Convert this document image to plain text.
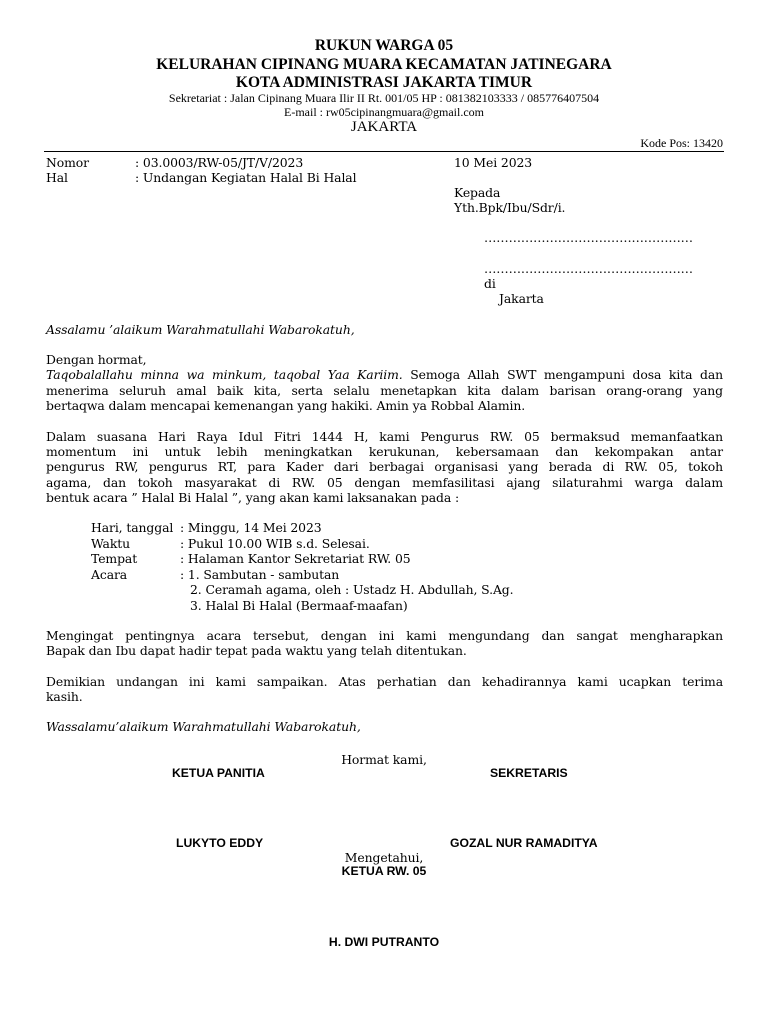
RUKUN WARGA 05
KELURAHAN CIPINANG MUARA KECAMATAN JATINEGARA
KOTA ADMINISTRASI JAKARTA TIMUR
Sekretariat : Jalan Cipinang Muara Ilir II Rt. 001/05 HP : 081382103333 / 085776407504
E-mail : rw05cipinangmuara@gmail.com
JAKARTA
Kode Pos: 13420
Nomor	: 03.0003/RW-05/JT/V/2023	10 Mei 2023
Hal	: Undangan Kegiatan Halal Bi Halal
Kepada
Yth.Bpk/Ibu/Sdr/i.
……………………………………………
……………………………………………
di
Jakarta
Assalamu ’alaikum Warahmatullahi Wabarokatuh,
Dengan hormat,
Taqobalallahu minna wa minkum, taqobal Yaa Kariim. Semoga Allah SWT mengampuni dosa kita dan
menerima seluruh amal baik kita, serta selalu menetapkan kita dalam barisan orang-orang yang
bertaqwa dalam mencapai kemenangan yang hakiki. Amin ya Robbal Alamin.
Dalam suasana Hari Raya Idul Fitri 1444 H, kami Pengurus RW. 05 bermaksud memanfaatkan
momentum ini untuk lebih meningkatkan kerukunan, kebersamaan dan kekompakan antar
pengurus RW, pengurus RT, para Kader dari berbagai organisasi yang berada di RW. 05, tokoh
agama, dan tokoh masyarakat di RW. 05 dengan memfasilitasi ajang silaturahmi warga dalam
bentuk acara ” Halal Bi Halal ”, yang akan kami laksanakan pada :
Hari, tanggal : Minggu, 14 Mei 2023
Waktu	: Pukul 10.00 WIB s.d. Selesai.
Tempat	: Halaman Kantor Sekretariat RW. 05
Acara	: 1. Sambutan - sambutan
2. Ceramah agama, oleh : Ustadz H. Abdullah, S.Ag.
3. Halal Bi Halal (Bermaaf-maafan)
Mengingat pentingnya acara tersebut, dengan ini kami mengundang dan sangat mengharapkan
Bapak dan Ibu dapat hadir tepat pada waktu yang telah ditentukan.
Demikian undangan ini kami sampaikan. Atas perhatian dan kehadirannya kami ucapkan terima
kasih.
Wassalamu’alaikum Warahmatullahi Wabarokatuh,
Hormat kami,
KETUA PANITIA	SEKRETARIS
LUKYTO EDDY	GOZAL NUR RAMADITYA
Mengetahui,
KETUA RW. 05
H. DWI PUTRANTO
